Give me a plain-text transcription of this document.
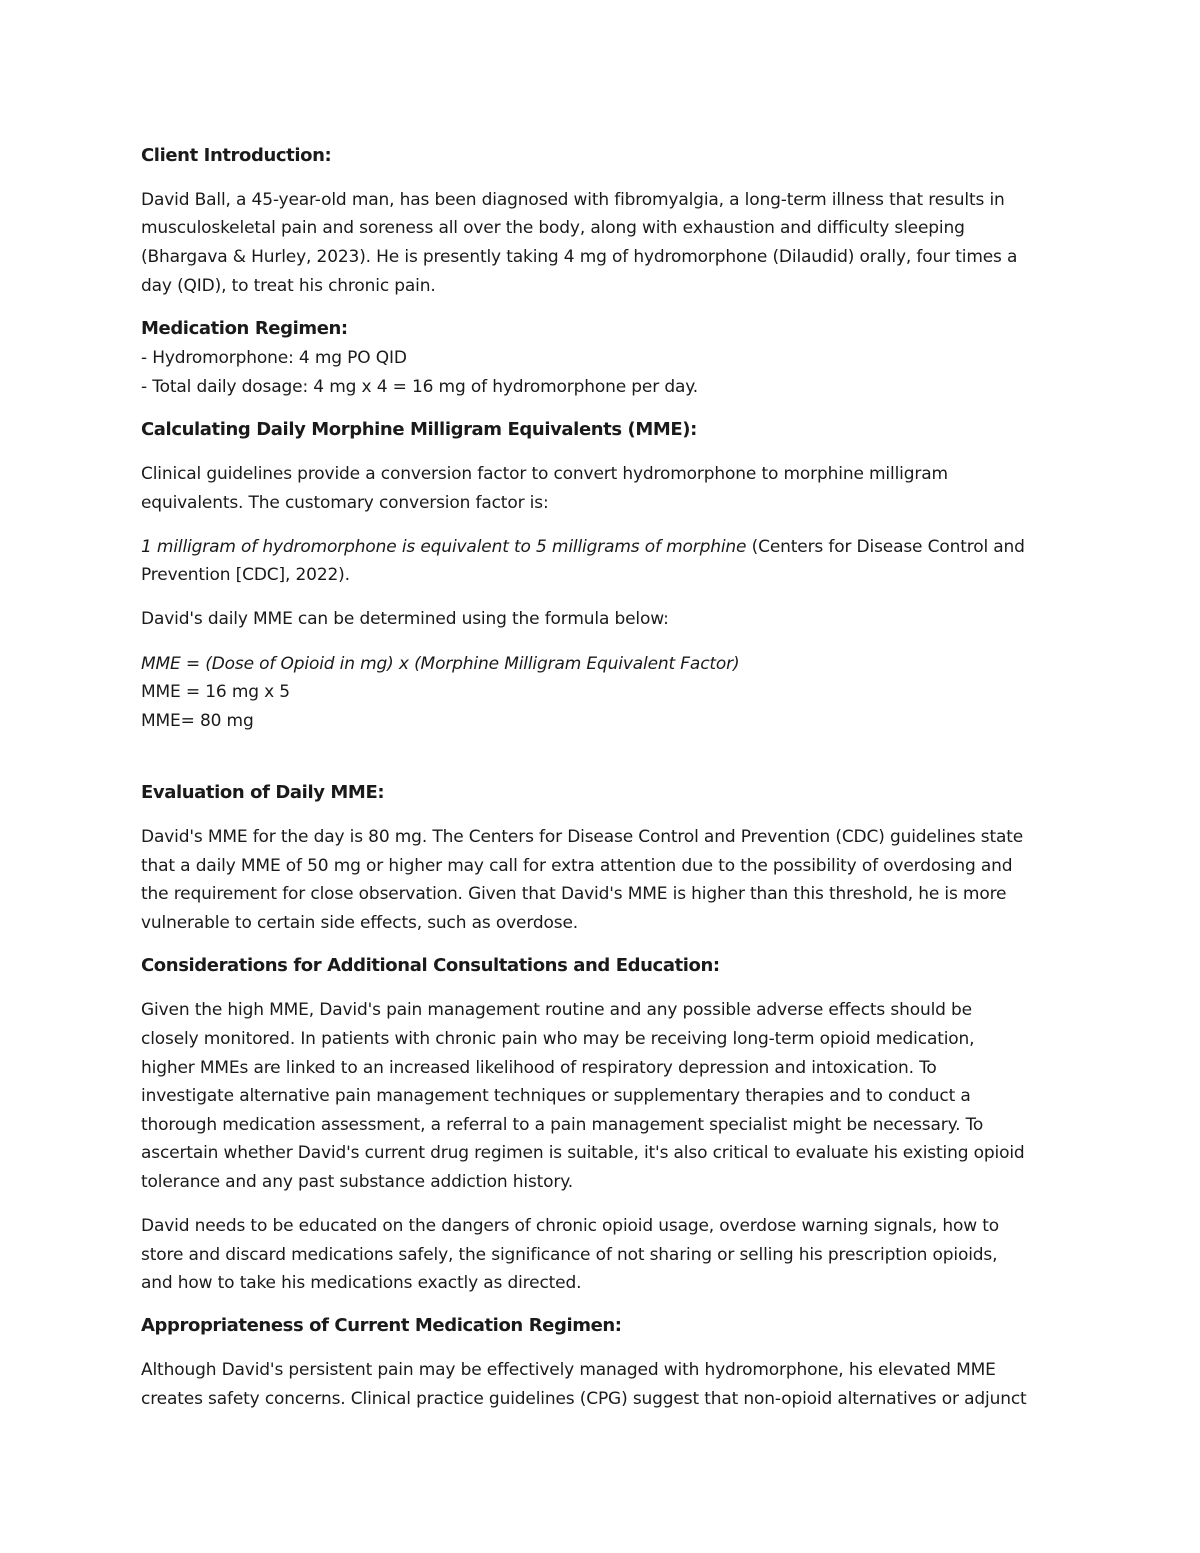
Client Introduction:
David Ball, a 45-year-old man, has been diagnosed with fibromyalgia, a long-term illness that results in
musculoskeletal pain and soreness all over the body, along with exhaustion and difficulty sleeping
(Bhargava & Hurley, 2023). He is presently taking 4 mg of hydromorphone (Dilaudid) orally, four times a
day (QID), to treat his chronic pain.
Medication Regimen:
- Hydromorphone: 4 mg PO QID
- Total daily dosage: 4 mg x 4 = 16 mg of hydromorphone per day.
Calculating Daily Morphine Milligram Equivalents (MME):
Clinical guidelines provide a conversion factor to convert hydromorphone to morphine milligram
equivalents. The customary conversion factor is:
1 milligram of hydromorphone is equivalent to 5 milligrams of morphine (Centers for Disease Control and
Prevention [CDC], 2022).
David's daily MME can be determined using the formula below:
MME = (Dose of Opioid in mg) x (Morphine Milligram Equivalent Factor)
MME = 16 mg x 5
MME= 80 mg
Evaluation of Daily MME:
David's MME for the day is 80 mg. The Centers for Disease Control and Prevention (CDC) guidelines state
that a daily MME of 50 mg or higher may call for extra attention due to the possibility of overdosing and
the requirement for close observation. Given that David's MME is higher than this threshold, he is more
vulnerable to certain side effects, such as overdose.
Considerations for Additional Consultations and Education:
Given the high MME, David's pain management routine and any possible adverse effects should be
closely monitored. In patients with chronic pain who may be receiving long-term opioid medication,
higher MMEs are linked to an increased likelihood of respiratory depression and intoxication. To
investigate alternative pain management techniques or supplementary therapies and to conduct a
thorough medication assessment, a referral to a pain management specialist might be necessary. To
ascertain whether David's current drug regimen is suitable, it's also critical to evaluate his existing opioid
tolerance and any past substance addiction history.
David needs to be educated on the dangers of chronic opioid usage, overdose warning signals, how to
store and discard medications safely, the significance of not sharing or selling his prescription opioids,
and how to take his medications exactly as directed.
Appropriateness of Current Medication Regimen:
Although David's persistent pain may be effectively managed with hydromorphone, his elevated MME
creates safety concerns. Clinical practice guidelines (CPG) suggest that non-opioid alternatives or adjunct
